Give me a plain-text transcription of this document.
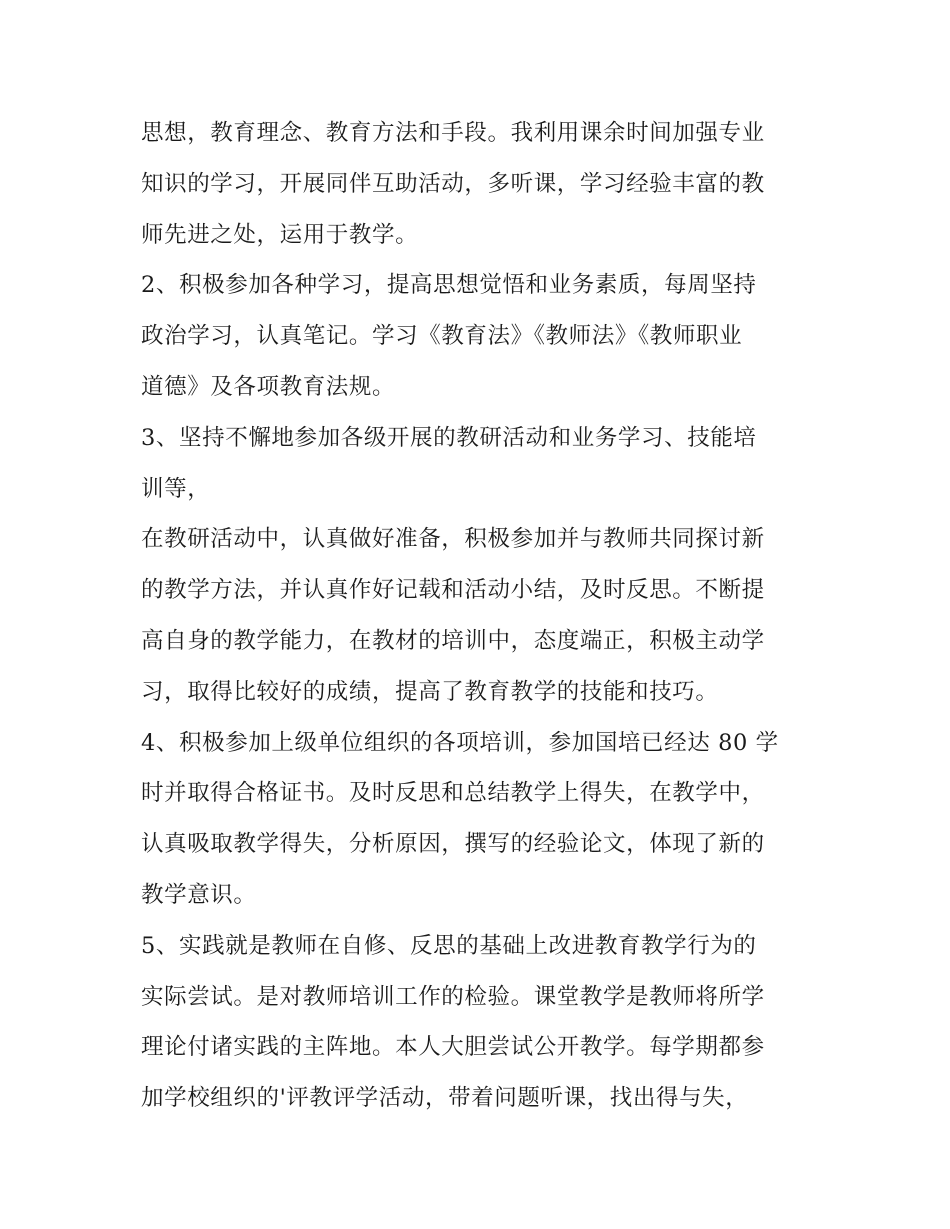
思想，教育理念、教育方法和手段。我利用课余时间加强专业
知识的学习，开展同伴互助活动，多听课，学习经验丰富的教
师先进之处，运用于教学。
2、积极参加各种学习，提高思想觉悟和业务素质，每周坚持
政治学习，认真笔记。学习《教育法》《教师法》《教师职业
道德》及各项教育法规。
3、坚持不懈地参加各级开展的教研活动和业务学习、技能培
训等，
在教研活动中，认真做好准备，积极参加并与教师共同探讨新
的教学方法，并认真作好记载和活动小结，及时反思。不断提
高自身的教学能力，在教材的培训中，态度端正，积极主动学
习，取得比较好的成绩，提高了教育教学的技能和技巧。
4、积极参加上级单位组织的各项培训，参加国培已经达 80 学
时并取得合格证书。及时反思和总结教学上得失，在教学中，
认真吸取教学得失，分析原因，撰写的经验论文，体现了新的
教学意识。
5、实践就是教师在自修、反思的基础上改进教育教学行为的
实际尝试。是对教师培训工作的检验。课堂教学是教师将所学
理论付诸实践的主阵地。本人大胆尝试公开教学。每学期都参
加学校组织的'评教评学活动，带着问题听课，找出得与失，
